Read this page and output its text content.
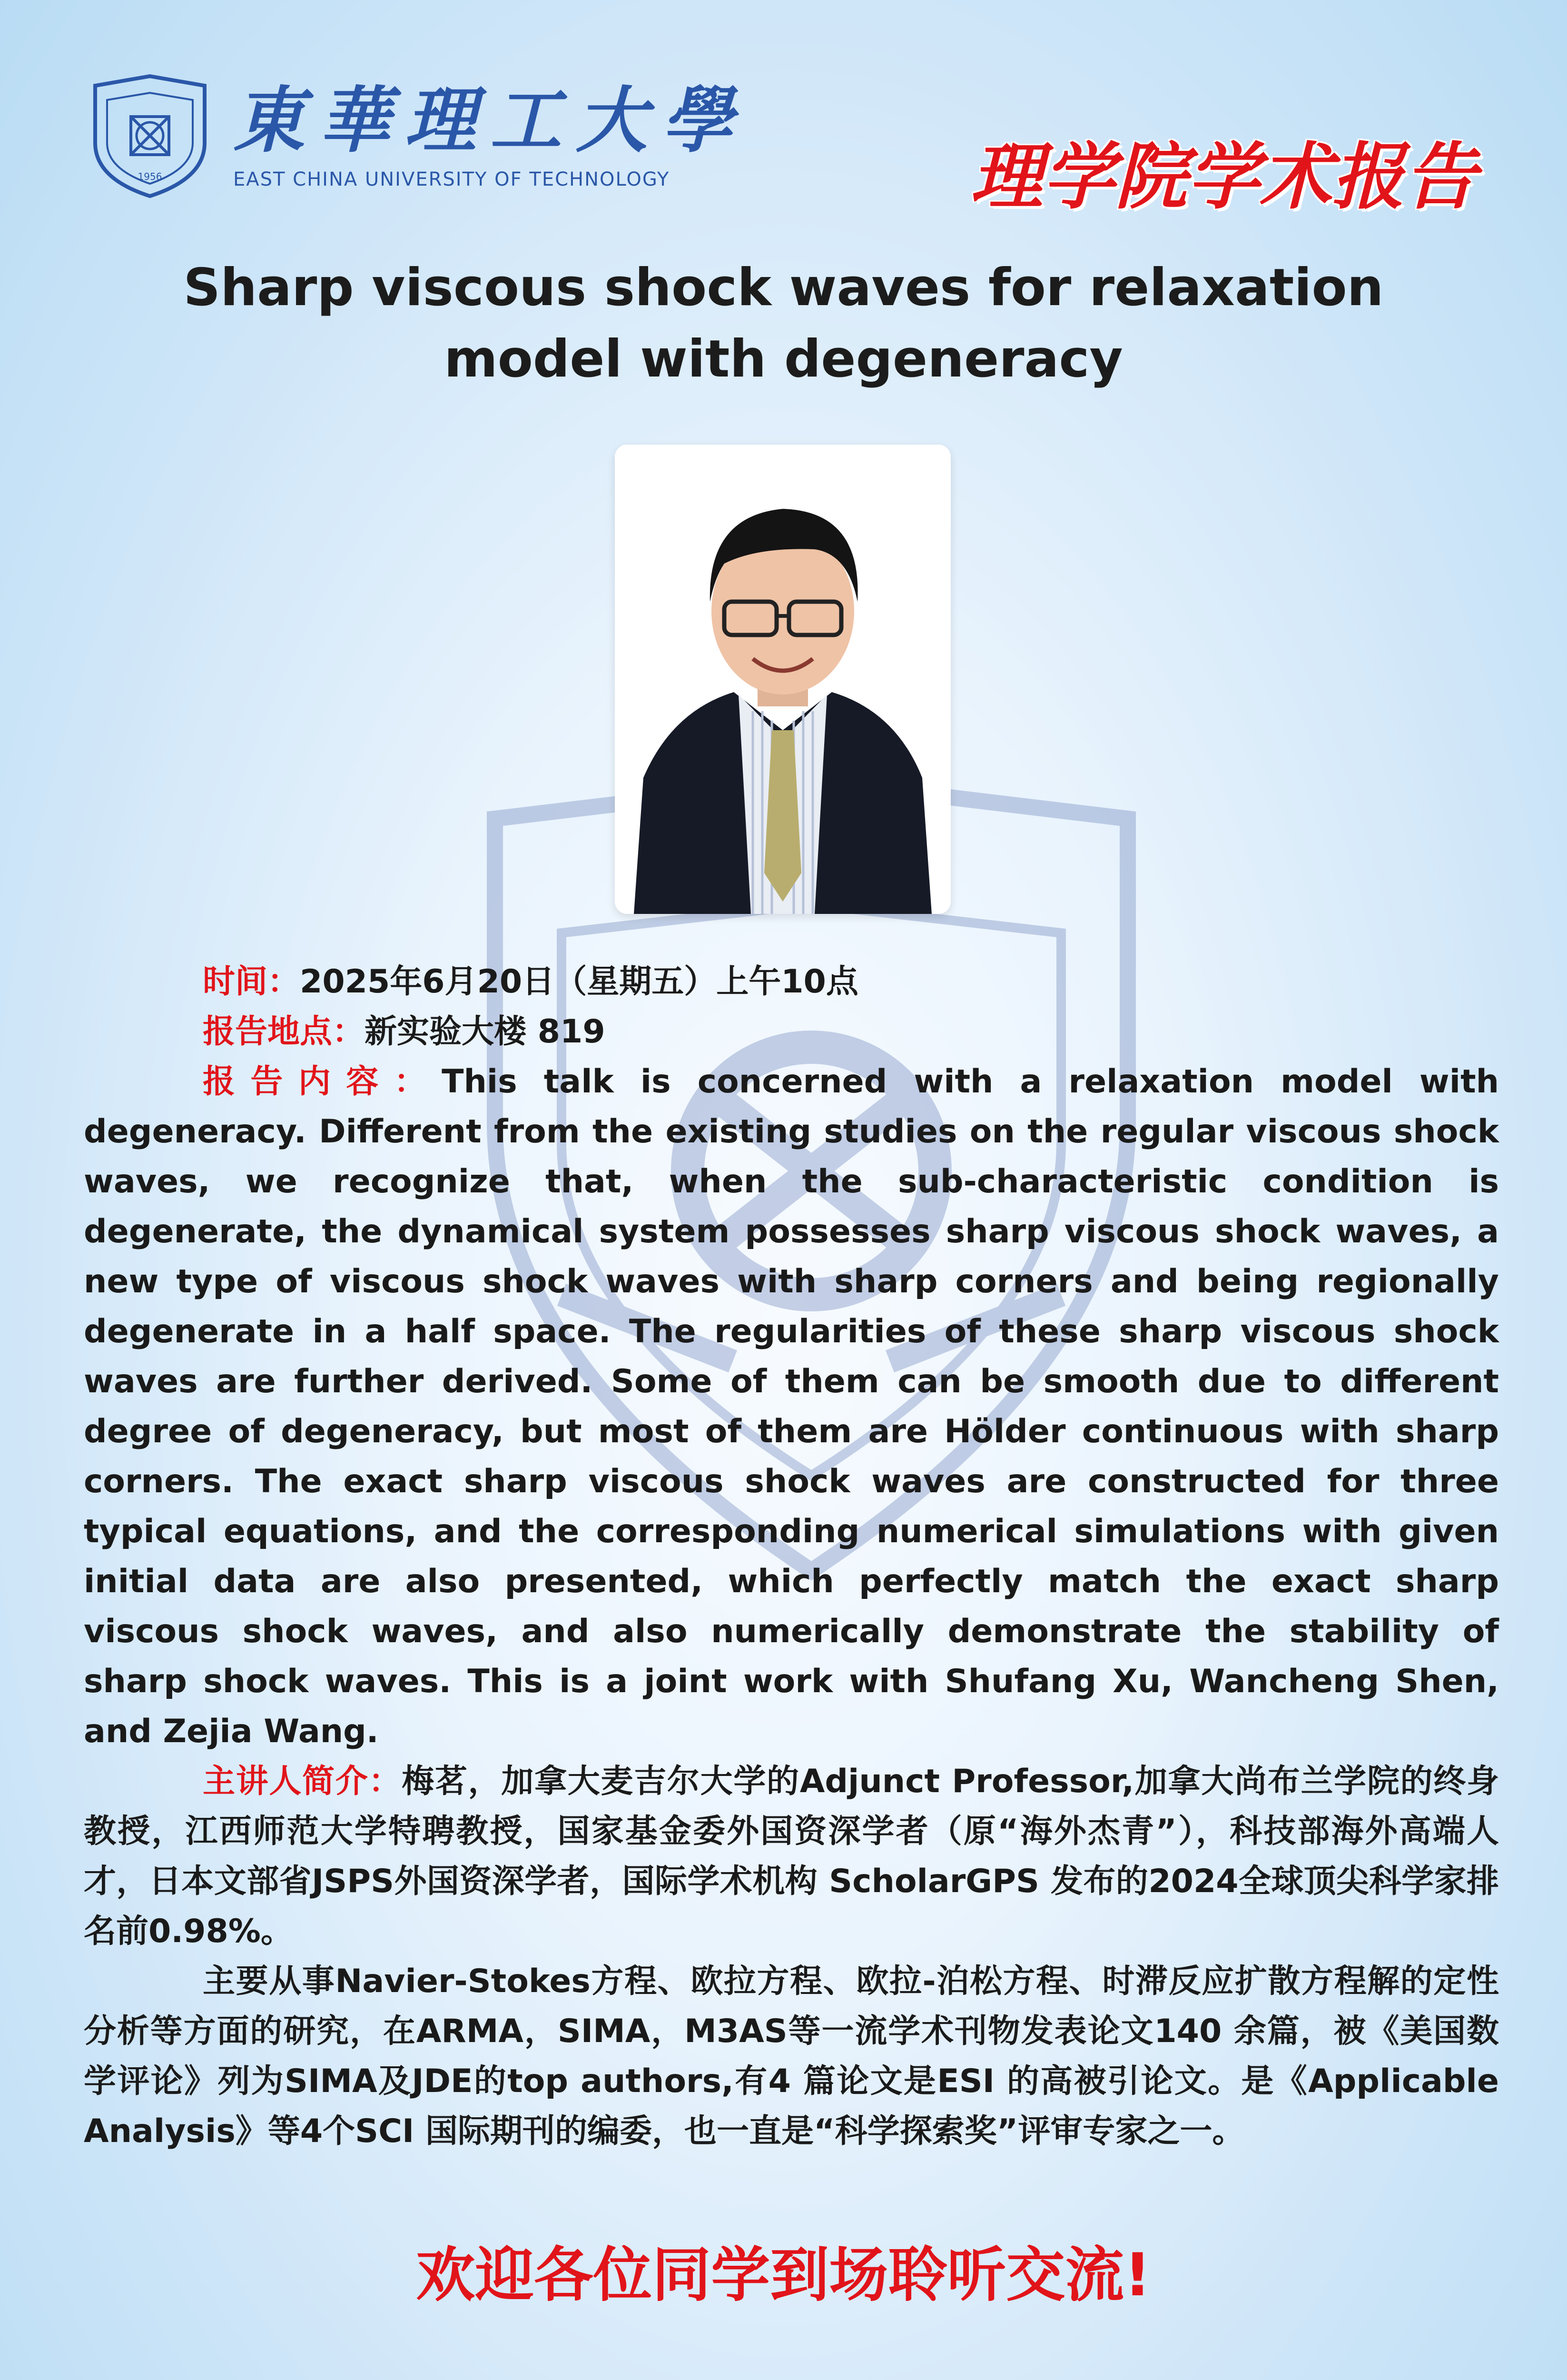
1956
東華理工大學
EAST CHINA UNIVERSITY OF TECHNOLOGY	理学院学术报告
Sharp viscous shock waves for relaxation
model with degeneracy

时间：2025年6月20日（星期五）上午10点

报告地点：新实验大楼 819

报告内容：This talk is concerned with a relaxation model with degeneracy. Different from the existing studies on the regular viscous shock waves, we recognize that, when the sub-characteristic condition is degenerate, the dynamical system possesses sharp viscous shock waves, a new type of viscous shock waves with sharp corners and being regionally degenerate in a half space. The regularities of these sharp viscous shock waves are further derived. Some of them can be smooth due to different degree of degeneracy, but most of them are Hölder continuous with sharp corners. The exact sharp viscous shock waves are constructed for three typical equations, and the corresponding numerical simulations with given initial data are also presented, which perfectly match the exact sharp viscous shock waves, and also numerically demonstrate the stability of sharp shock waves. This is a joint work with Shufang Xu, Wancheng Shen, and Zejia Wang.

主讲人简介：梅茗，加拿大麦吉尔大学的Adjunct Professor,加拿大尚布兰学院的终身教授，江西师范大学特聘教授，国家基金委外国资深学者（原“海外杰青”），科技部海外高端人才，日本文部省JSPS外国资深学者，国际学术机构 ScholarGPS 发布的2024全球顶尖科学家排名前0.98%。

主要从事Navier-Stokes方程、欧拉方程、欧拉-泊松方程、时滞反应扩散方程解的定性分析等方面的研究，在ARMA，SIMA，M3AS等一流学术刊物发表论文140 余篇，被《美国数学评论》列为SIMA及JDE的top authors,有4 篇论文是ESI 的高被引论文。是《Applicable Analysis》等4个SCI 国际期刊的编委，也一直是“科学探索奖”评审专家之一。

欢迎各位同学到场聆听交流!
